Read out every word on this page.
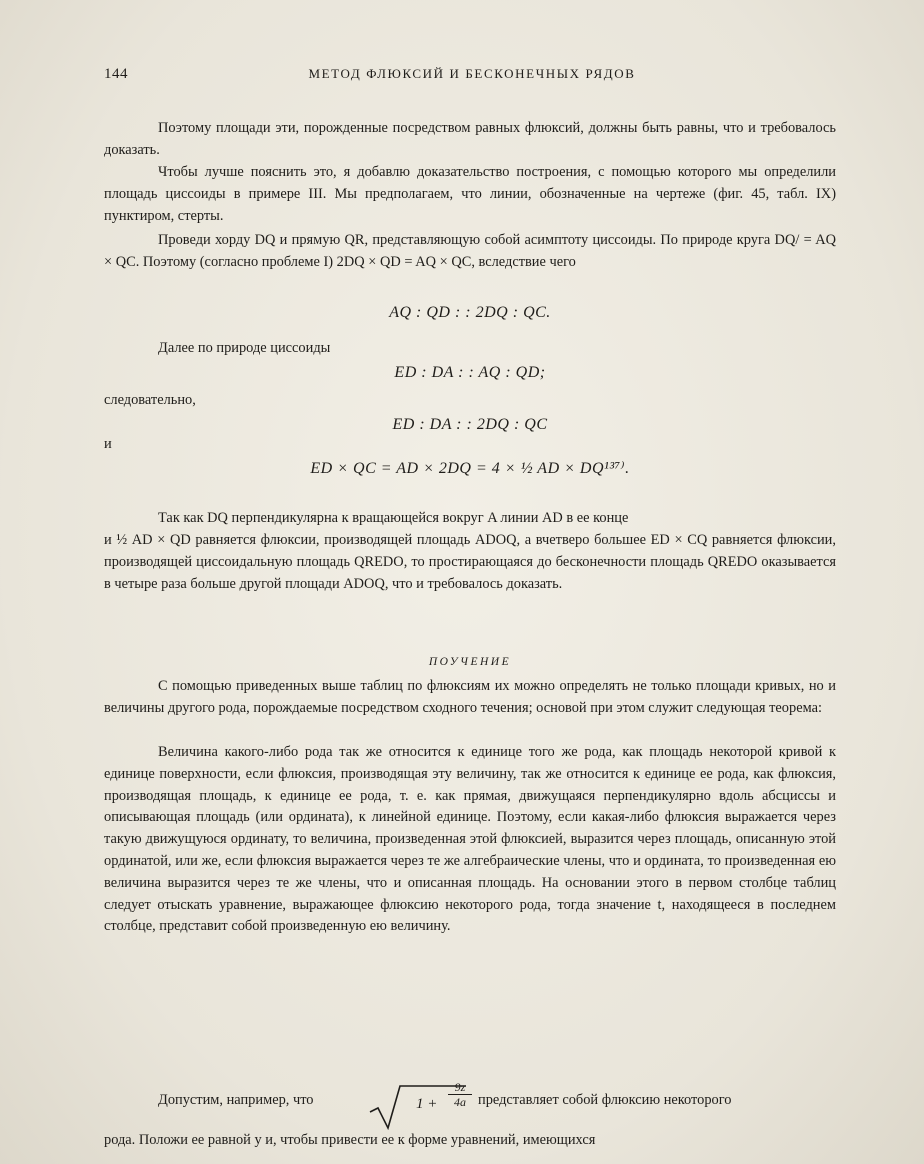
144	МЕТОД ФЛЮКСИЙ И БЕСКОНЕЧНЫХ РЯДОВ
Поэтому площади эти, порожденные посредством равных флюксий, должны быть равны, что и требовалось доказать.
Чтобы лучше пояснить это, я добавлю доказательство построения, с помощью которого мы определили площадь циссоиды в примере III. Мы предполагаем, что линии, обозначенные на чертеже (фиг. 45, табл. IX) пунктиром, стерты.
Проведи хорду DQ и прямую QR, представляющую собой асимптоту циссоиды. По природе круга DQ/ = AQ × QC. Поэтому (согласно проблеме I) 2DQ × QD = AQ × QC, вследствие чего
AQ : QD : : 2DQ : QC.
Далее по природе циссоиды
ED : DA : : AQ : QD;
следовательно,
ED : DA : : 2DQ : QC
и
ED × QC = AD × 2DQ = 4 × ½ AD × DQ¹³⁷⁾.
Так как DQ перпендикулярна к вращающейся вокруг A линии AD в ее конце
и ½ AD × QD равняется флюксии, производящей площадь ADOQ, а вчетверо большее ED × CQ равняется флюксии, производящей циссоидальную площадь QREDO, то простирающаяся до бесконечности площадь QREDO оказывается в четыре раза больше другой площади ADOQ, что и требовалось доказать.
ПОУЧЕНИЕ
С помощью приведенных выше таблиц по флюксиям их можно определять не только площади кривых, но и величины другого рода, порождаемые посредством сходного течения; основой при этом служит следующая теорема:
Величина какого-либо рода так же относится к единице того же рода, как площадь некоторой кривой к единице поверхности, если флюксия, производящая эту величину, так же относится к единице ее рода, как флюксия, производящая площадь, к единице ее рода, т. е. как прямая, движущаяся перпендикулярно вдоль абсциссы и описывающая площадь (или ордината), к линейной единице. Поэтому, если какая-либо флюксия выражается через такую движущуюся ординату, то величина, произведенная этой флюксией, выразится через площадь, описанную этой ординатой, или же, если флюксия выражается через те же алгебраические члены, что и ордината, то произведенная ею величина выразится через те же члены, что и описанная площадь. На основании этого в первом столбце таблиц следует отыскать уравнение, выражающее флюксию некоторого рода, тогда значение t, находящееся в последнем столбце, представит собой произведенную ею величину.
Допустим, например, что	$1 + \frac{9z}{4a}$ представляет собой флюксию некоторого
рода. Положи ее равной y и, чтобы привести ее к форме уравнений, имеющихся
